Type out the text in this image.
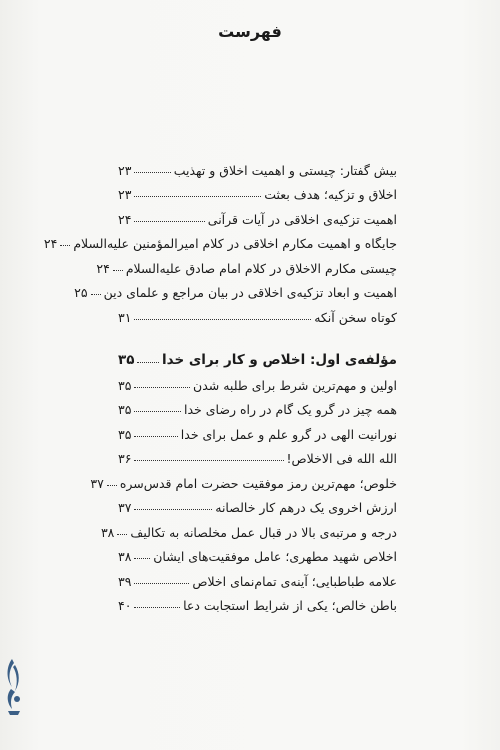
فهرست
بیش گفتار: چیستی و اهمیت اخلاق و تهذیب
۲۳
اخلاق و تزکیه؛ هدف بعثت
۲۳
اهمیت تزکیه‌ی اخلاقی در آیات قرآنی
۲۴
جایگاه و اهمیت مکارم اخلاقی در کلام امیرالمؤمنین علیه‌السلام
۲۴
چیستی مکارم الاخلاق در کلام امام صادق علیه‌السلام
۲۴
اهمیت و ابعاد تزکیه‌ی اخلاقی در بیان مراجع و علمای دین
۲۵
کوتاه سخن آنکه
۳۱
مؤلفه‌ی اول: اخلاص و کار برای خدا
۳۵
اولین و مهم‌ترین شرط برای طلبه شدن
۳۵
همه چیز در گرو یک گام در راه رضای خدا
۳۵
نورانیت الهی در گرو علم و عمل برای خدا
۳۵
الله الله فی الاخلاص!
۳۶
خلوص؛ مهم‌ترین رمز موفقیت حضرت امام قدس‌سره
۳۷
ارزش اخروی یک درهم کار خالصانه
۳۷
درجه و مرتبه‌ی بالا در قبال عمل مخلصانه به تکالیف
۳۸
اخلاص شهید مطهری؛ عامل موفقیت‌های ایشان
۳۸
علامه طباطبایی؛ آینه‌ی تمام‌نمای اخلاص
۳۹
باطن خالص؛ یکی از شرایط استجابت دعا
۴۰
